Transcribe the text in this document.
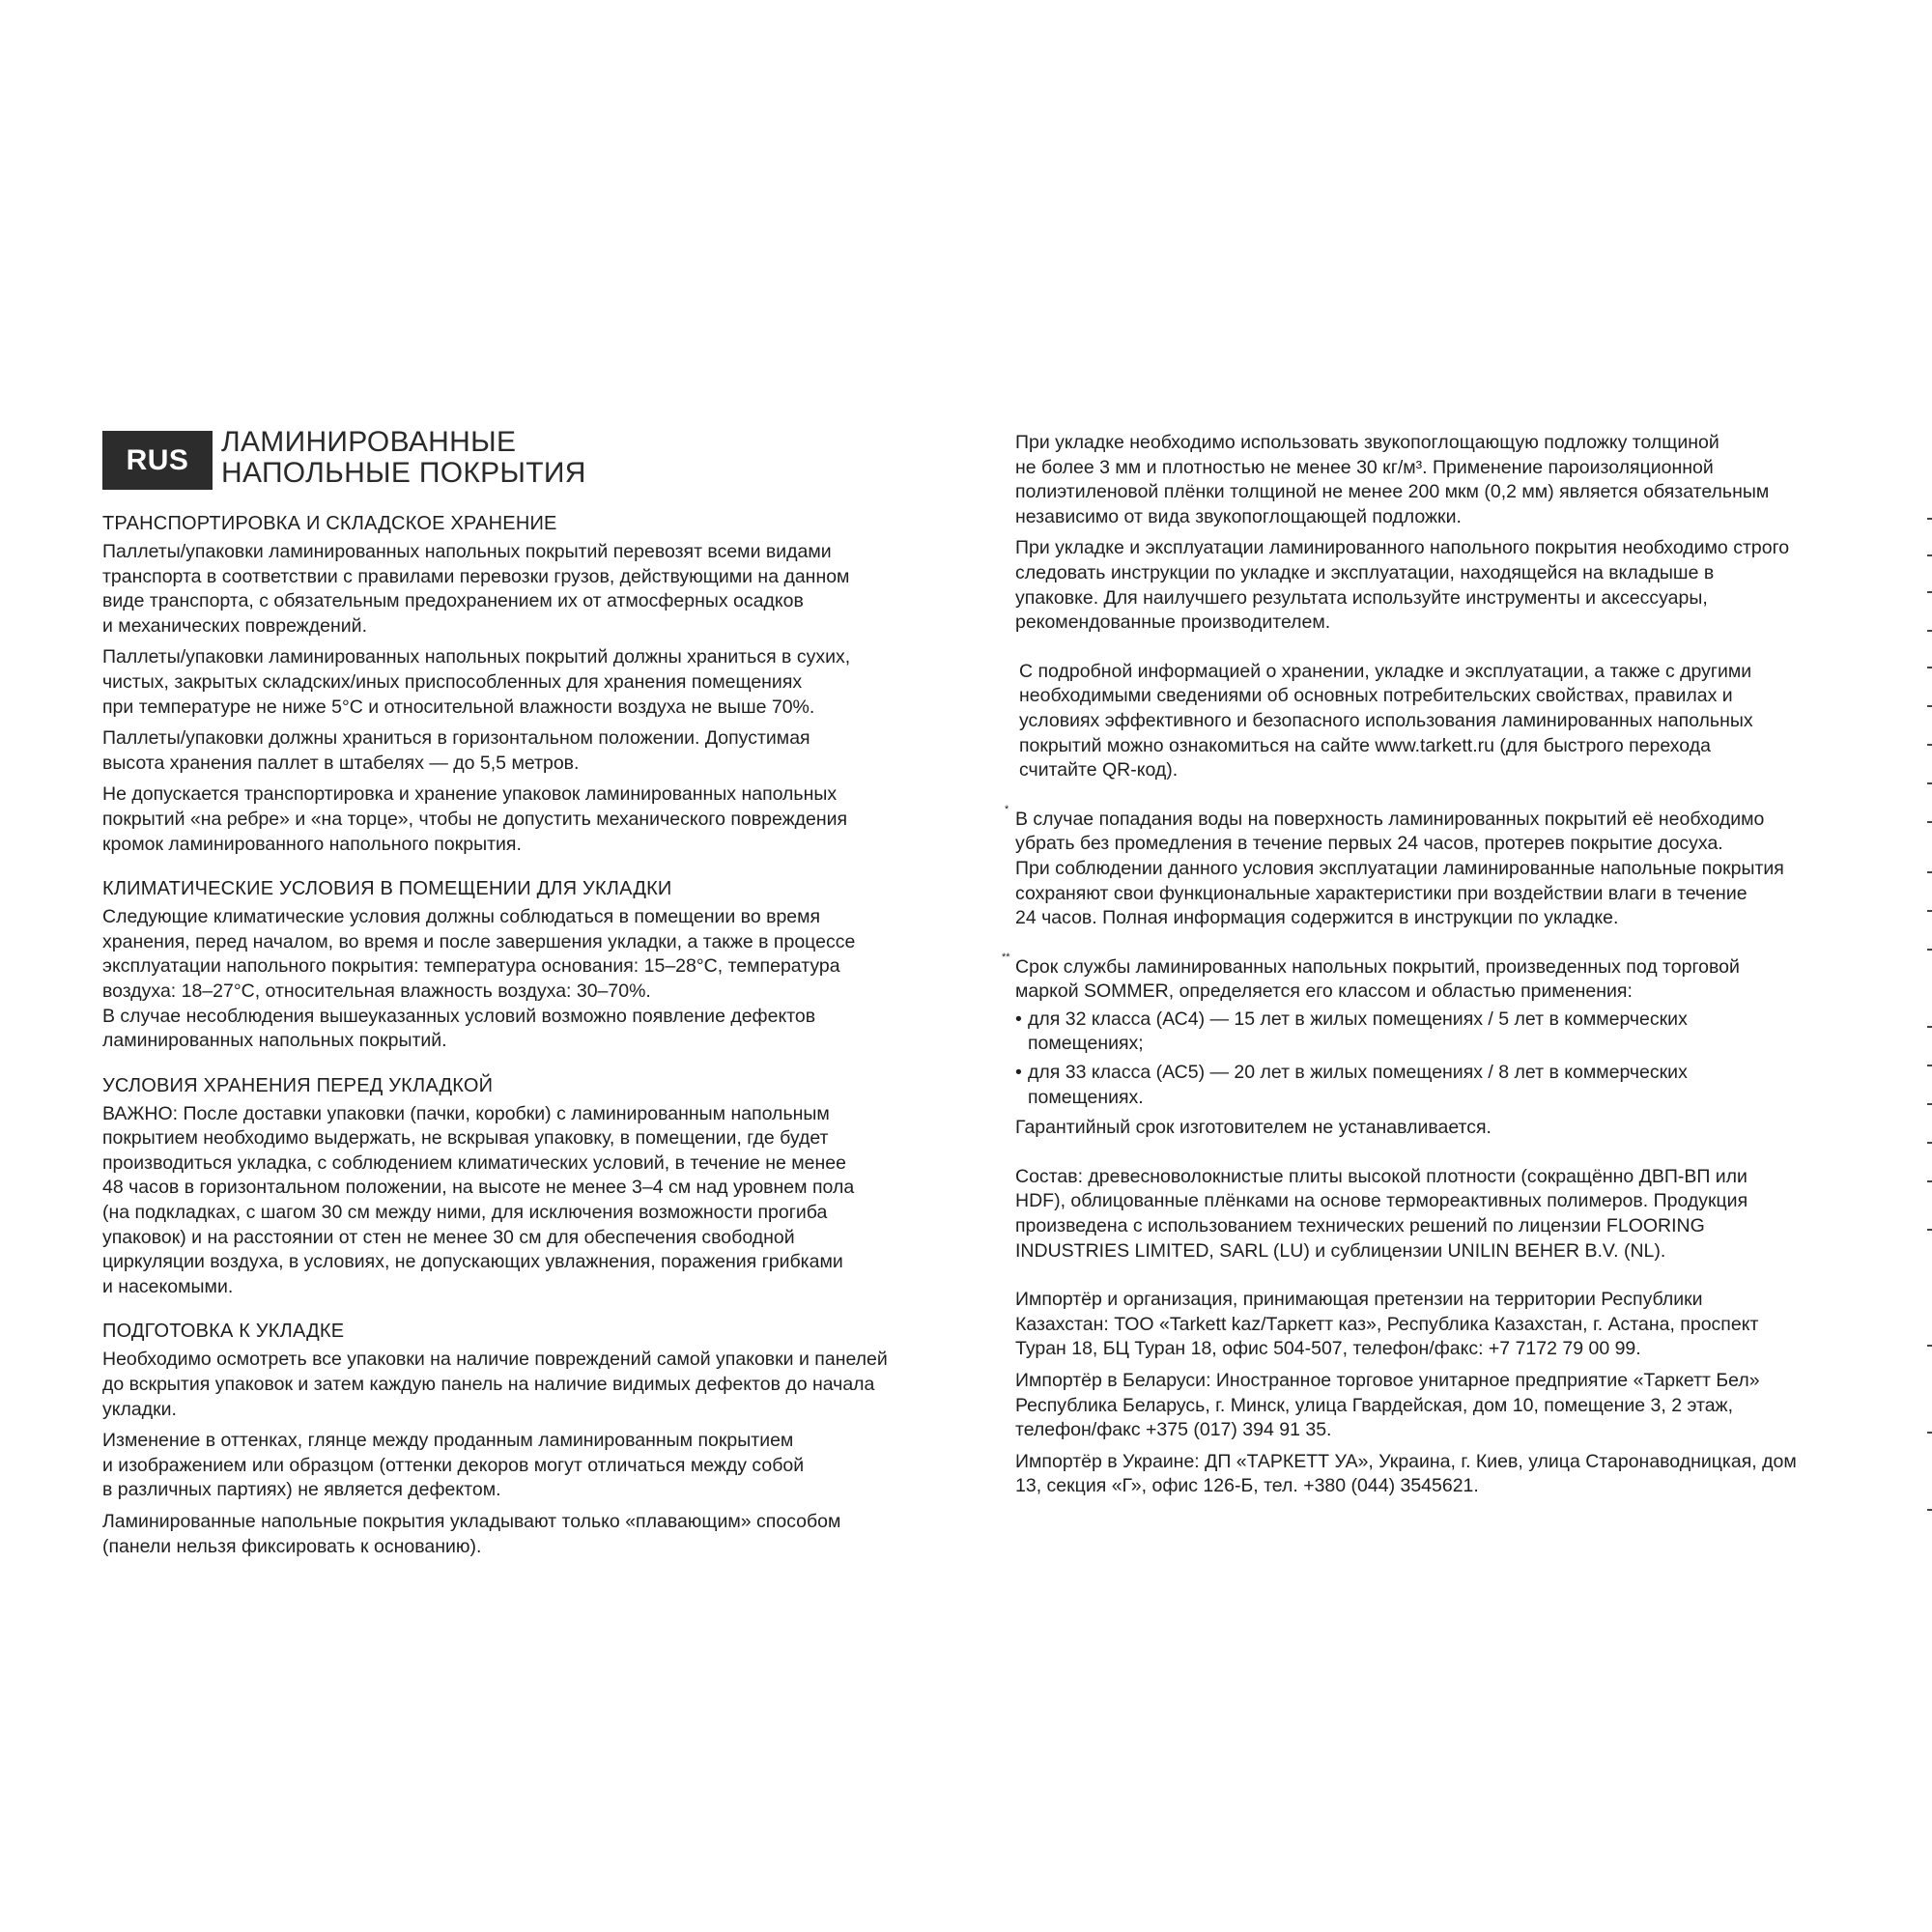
RUS
ЛАМИНИРОВАННЫЕ
НАПОЛЬНЫЕ ПОКРЫТИЯ
ТРАНСПОРТИРОВКА И СКЛАДСКОЕ ХРАНЕНИЕ

Паллеты/упаковки ламинированных напольных покрытий перевозят всеми видами
транспорта в соответствии с правилами перевозки грузов, действующими на данном
виде транспорта, с обязательным предохранением их от атмосферных осадков
и механических повреждений.

Паллеты/упаковки ламинированных напольных покрытий должны храниться в сухих,
чистых, закрытых складских/иных приспособленных для хранения помещениях
при температуре не ниже 5°С и относительной влажности воздуха не выше 70%.

Паллеты/упаковки должны храниться в горизонтальном положении. Допустимая
высота хранения паллет в штабелях — до 5,5 метров.

Не допускается транспортировка и хранение упаковок ламинированных напольных
покрытий «на ребре» и «на торце», чтобы не допустить механического повреждения
кромок ламинированного напольного покрытия.

КЛИМАТИЧЕСКИЕ УСЛОВИЯ В ПОМЕЩЕНИИ ДЛЯ УКЛАДКИ

Следующие климатические условия должны соблюдаться в помещении во время
хранения, перед началом, во время и после завершения укладки, а также в процессе
эксплуатации напольного покрытия: температура основания: 15–28°С, температура
воздуха: 18–27°С, относительная влажность воздуха: 30–70%.
В случае несоблюдения вышеуказанных условий возможно появление дефектов
ламинированных напольных покрытий.

УСЛОВИЯ ХРАНЕНИЯ ПЕРЕД УКЛАДКОЙ

ВАЖНО: После доставки упаковки (пачки, коробки) с ламинированным напольным
покрытием необходимо выдержать, не вскрывая упаковку, в помещении, где будет
производиться укладка, с соблюдением климатических условий, в течение не менее
48 часов в горизонтальном положении, на высоте не менее 3–4 см над уровнем пола
(на подкладках, с шагом 30 см между ними, для исключения возможности прогиба
упаковок) и на расстоянии от стен не менее 30 см для обеспечения свободной
циркуляции воздуха, в условиях, не допускающих увлажнения, поражения грибками
и насекомыми.

ПОДГОТОВКА К УКЛАДКЕ

Необходимо осмотреть все упаковки на наличие повреждений самой упаковки и панелей
до вскрытия упаковок и затем каждую панель на наличие видимых дефектов до начала
укладки.

Изменение в оттенках, глянце между проданным ламинированным покрытием
и изображением или образцом (оттенки декоров могут отличаться между собой
в различных партиях) не является дефектом.

Ламинированные напольные покрытия укладывают только «плавающим» способом
(панели нельзя фиксировать к основанию).

При укладке необходимо использовать звукопоглощающую подложку толщиной
не более 3 мм и плотностью не менее 30 кг/м³. Применение пароизоляционной
полиэтиленовой плёнки толщиной не менее 200 мкм (0,2 мм) является обязательным
независимо от вида звукопоглощающей подложки.

При укладке и эксплуатации ламинированного напольного покрытия необходимо строго
следовать инструкции по укладке и эксплуатации, находящейся на вкладыше в
упаковке. Для наилучшего результата используйте инструменты и аксессуары,
рекомендованные производителем.

С подробной информацией о хранении, укладке и эксплуатации, а также с другими
необходимыми сведениями об основных потребительских свойствах, правилах и
условиях эффективного и безопасного использования ламинированных напольных
покрытий можно ознакомиться на сайте www.tarkett.ru (для быстрого перехода
считайте QR-код).

* В случае попадания воды на поверхность ламинированных покрытий её необходимо
убрать без промедления в течение первых 24 часов, протерев покрытие досуха.
При соблюдении данного условия эксплуатации ламинированные напольные покрытия
сохраняют свои функциональные характеристики при воздействии влаги в течение
24 часов. Полная информация содержится в инструкции по укладке.

** Срок службы ламинированных напольных покрытий, произведенных под торговой
маркой SOMMER, определяется его классом и областью применения:

• для 32 класса (АС4) — 15 лет в жилых помещениях / 5 лет в коммерческих
помещениях;
• для 33 класса (АС5) — 20 лет в жилых помещениях / 8 лет в коммерческих
помещениях.

Гарантийный срок изготовителем не устанавливается.

Состав: древесноволокнистые плиты высокой плотности (сокращённо ДВП-ВП или
HDF), облицованные плёнками на основе термореактивных полимеров. Продукция
произведена с использованием технических решений по лицензии FLOORING
INDUSTRIES LIMITED, SARL (LU) и сублицензии UNILIN BEHER B.V. (NL).

Импортёр и организация, принимающая претензии на территории Республики
Казахстан: ТОО «Tarkett kaz/Таркетт каз», Республика Казахстан, г. Астана, проспект
Туран 18, БЦ Туран 18, офис 504-507, телефон/факс: +7 7172 79 00 99.

Импортёр в Беларуси: Иностранное торговое унитарное предприятие «Таркетт Бел»
Республика Беларусь, г. Минск, улица Гвардейская, дом 10, помещение 3, 2 этаж,
телефон/факс +375 (017) 394 91 35.

Импортёр в Украине: ДП «ТАРКЕТТ УА», Украина, г. Киев, улица Старонаводницкая, дом
13, секция «Г», офис 126-Б, тел. +380 (044) 3545621.
